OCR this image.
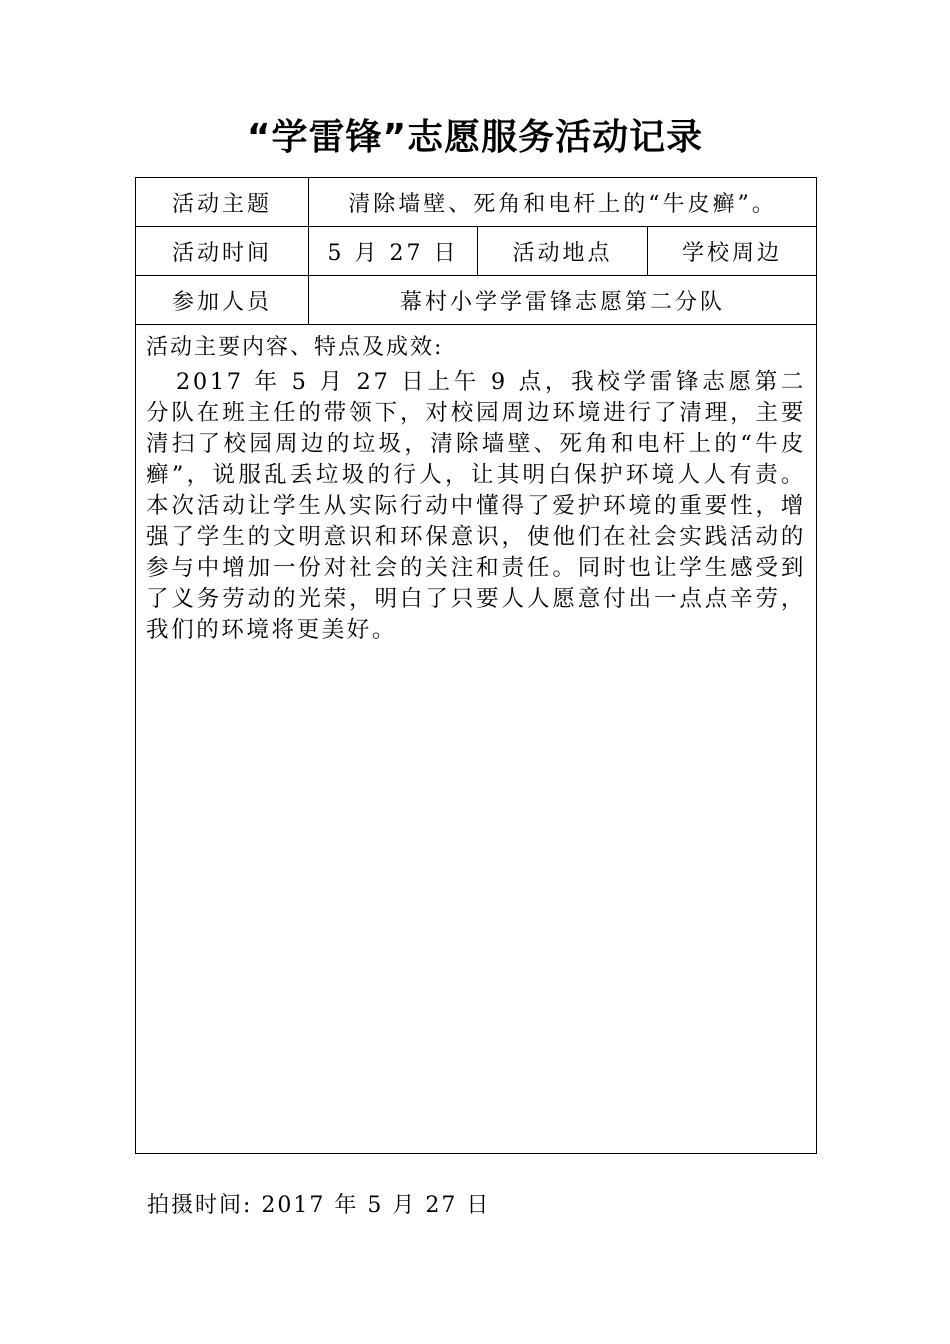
“学雷锋”志愿服务活动记录
活动主题	清除墙壁、死角和电杆上的“牛皮癣”。		
活动时间	5 月 27 日	活动地点	学校周边
参加人员	幕村小学学雷锋志愿第二分队		

活动主要内容、特点及成效:
2017 年 5 月 27 日上午 9 点，我校学雷锋志愿第二分队在班主任的带领下，对校园周边环境进行了清理，主要清扫了校园周边的垃圾，清除墙壁、死角和电杆上的“牛皮癣”，说服乱丢垃圾的行人，让其明白保护环境人人有责。本次活动让学生从实际行动中懂得了爱护环境的重要性，增强了学生的文明意识和环保意识，使他们在社会实践活动的参与中增加一份对社会的关注和责任。同时也让学生感受到了义务劳动的光荣，明白了只要人人愿意付出一点点辛劳，我们的环境将更美好。			
拍摄时间: 2017 年 5 月 27 日
